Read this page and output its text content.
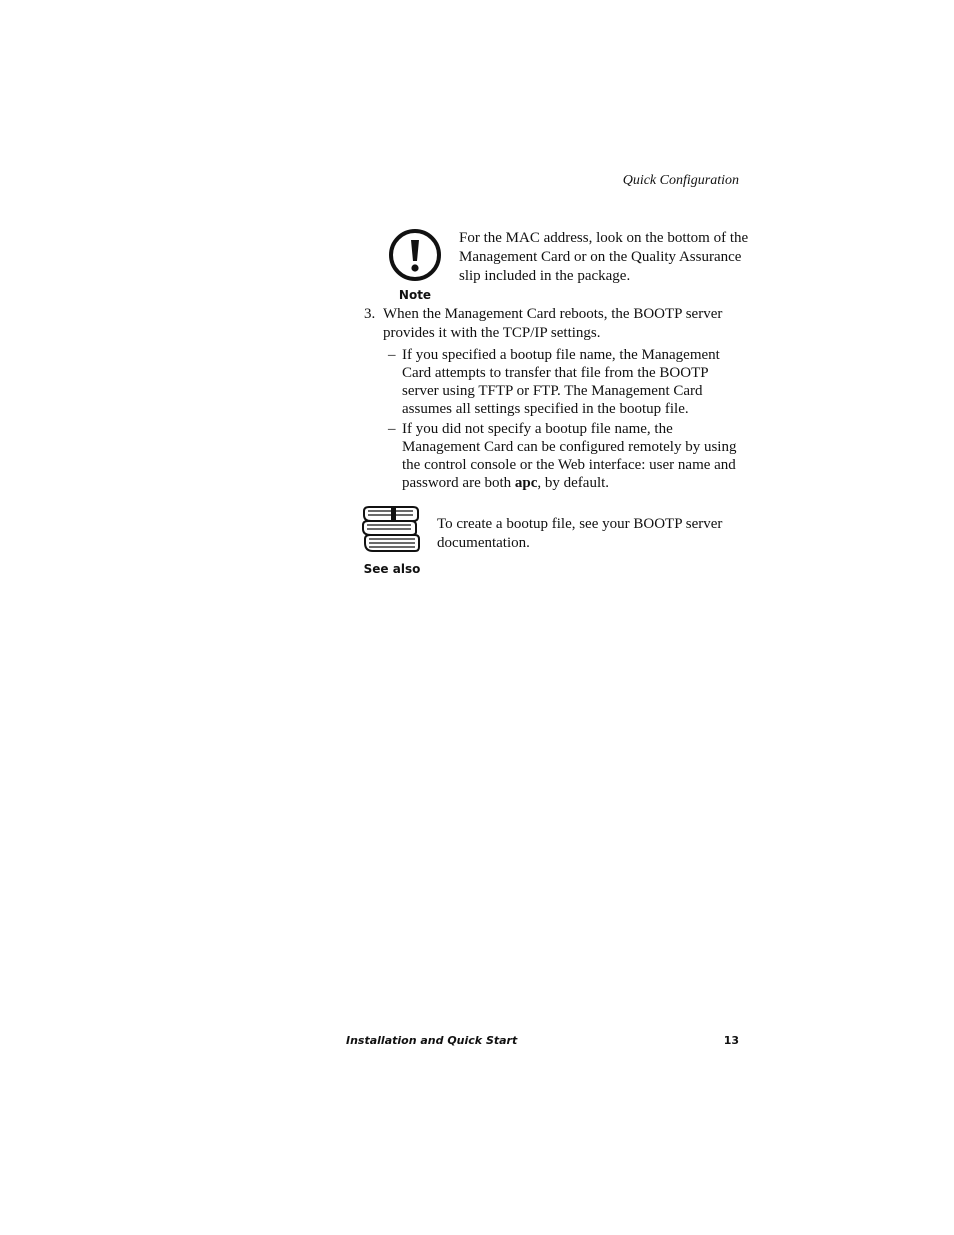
Quick Configuration
Note
For the MAC address, look on the bottom of the Management Card or on the Quality Assurance slip included in the package.
3. When the Management Card reboots, the BOOTP server provides it with the TCP/IP settings.
– If you specified a bootup file name, the Management Card attempts to transfer that file from the BOOTP server using TFTP or FTP. The Management Card assumes all settings specified in the bootup file.
– If you did not specify a bootup file name, the Management Card can be configured remotely by using the control console or the Web interface: user name and password are both apc, by default.
See also
To create a bootup file, see your BOOTP server documentation.
Installation and Quick Start	13
